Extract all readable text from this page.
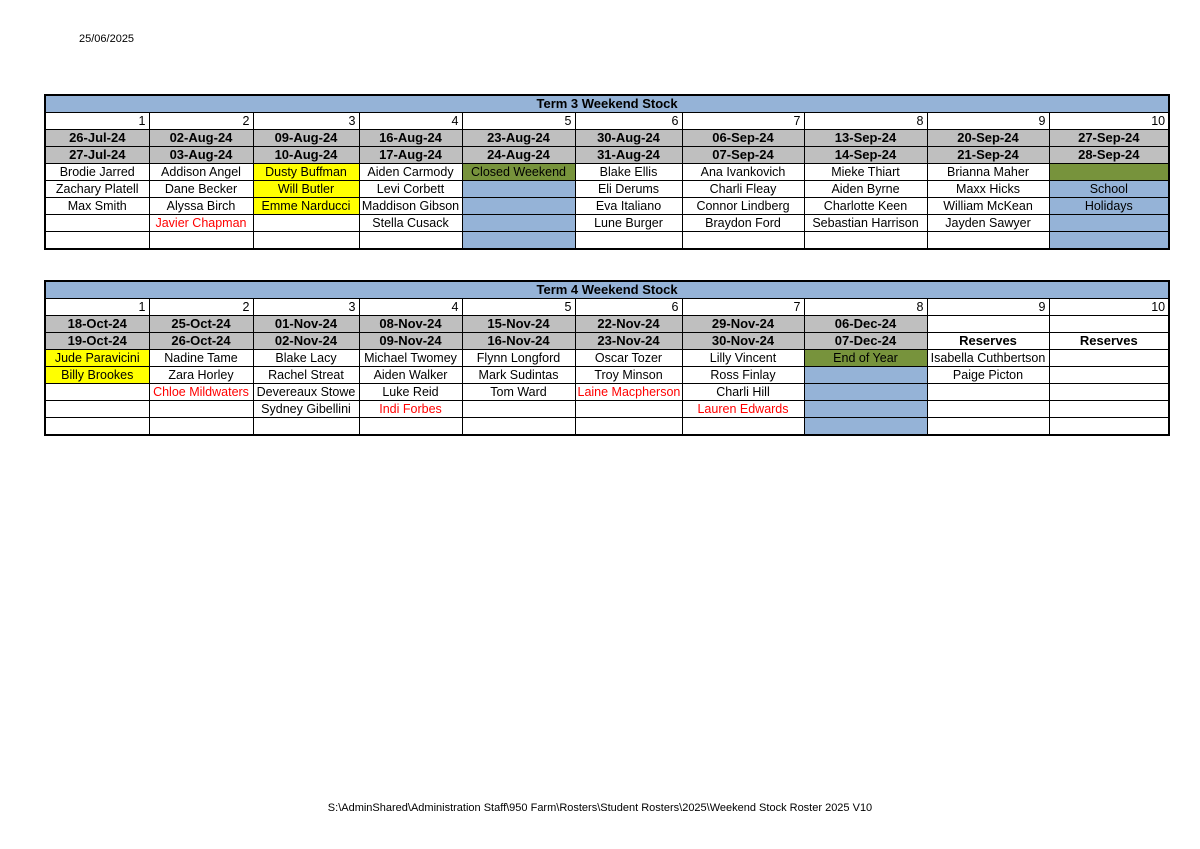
25/06/2025
Term 3 Weekend Stock									
1	2	3	4	5	6	7	8	9	10
26-Jul-24	02-Aug-24	09-Aug-24	16-Aug-24	23-Aug-24	30-Aug-24	06-Sep-24	13-Sep-24	20-Sep-24	27-Sep-24
27-Jul-24	03-Aug-24	10-Aug-24	17-Aug-24	24-Aug-24	31-Aug-24	07-Sep-24	14-Sep-24	21-Sep-24	28-Sep-24
Brodie Jarred	Addison Angel	Dusty Buffman	Aiden Carmody	Closed Weekend	Blake Ellis	Ana Ivankovich	Mieke Thiart	Brianna Maher	
Zachary Platell	Dane Becker	Will Butler	Levi Corbett		Eli Derums	Charli Fleay	Aiden Byrne	Maxx Hicks	School
Max Smith	Alyssa Birch	Emme Narducci	Maddison Gibson		Eva Italiano	Connor Lindberg	Charlotte Keen	William McKean	Holidays
	Javier Chapman		Stella Cusack		Lune Burger	Braydon Ford	Sebastian Harrison	Jayden Sawyer	

Term 4 Weekend Stock									
1	2	3	4	5	6	7	8	9	10
18-Oct-24	25-Oct-24	01-Nov-24	08-Nov-24	15-Nov-24	22-Nov-24	29-Nov-24	06-Dec-24		
19-Oct-24	26-Oct-24	02-Nov-24	09-Nov-24	16-Nov-24	23-Nov-24	30-Nov-24	07-Dec-24	Reserves	Reserves
Jude Paravicini	Nadine Tame	Blake Lacy	Michael Twomey	Flynn Longford	Oscar Tozer	Lilly Vincent	End of Year	Isabella Cuthbertson	
Billy Brookes	Zara Horley	Rachel Streat	Aiden Walker	Mark Sudintas	Troy Minson	Ross Finlay		Paige Picton	
	Chloe Mildwaters	Devereaux Stowe	Luke Reid	Tom Ward	Laine Macpherson	Charli Hill			
		Sydney Gibellini	Indi Forbes			Lauren Edwards			

S:\AdminShared\Administration Staff\950 Farm\Rosters\Student Rosters\2025\Weekend Stock Roster 2025 V10
